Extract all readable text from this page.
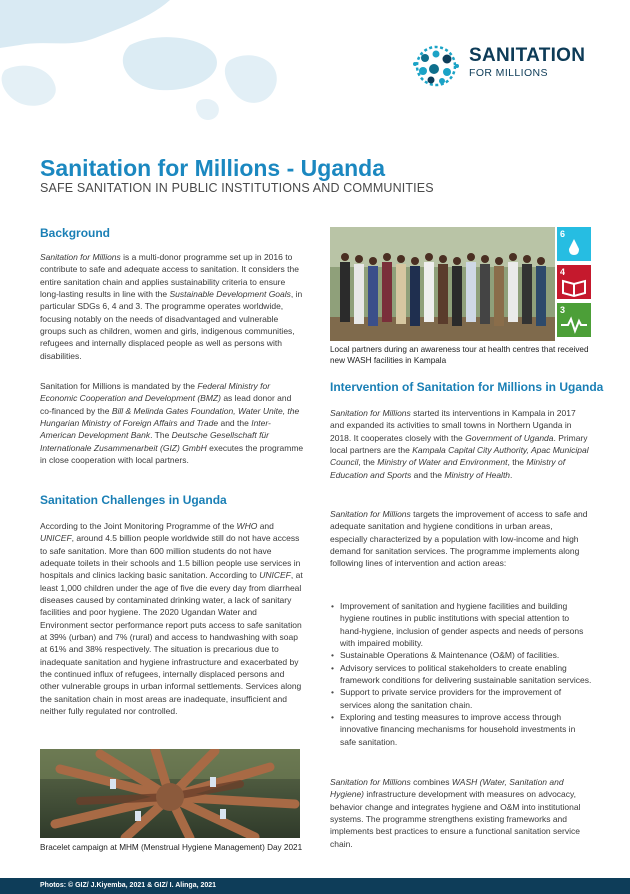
SANITATION
FOR MILLIONS
Sanitation for Millions - Uganda
SAFE SANITATION IN PUBLIC INSTITUTIONS AND COMMUNITIES
Background

Sanitation for Millions is a multi-donor programme set up in 2016 to contribute to safe and adequate access to sanitation. It considers the entire sanitation chain and applies sustainability criteria to ensure long-lasting results in line with the Sustainable Development Goals, in particular SDGs 6, 4 and 3. The programme operates worldwide, focusing notably on the needs of disadvantaged and vulnerable groups such as children, women and girls, indigenous communities, refugees and internally displaced people as well as persons with disabilities.

Sanitation for Millions is mandated by the Federal Ministry for Economic Cooperation and Development (BMZ) as lead donor and co-financed by the Bill & Melinda Gates Foundation, Water Unite, the Hungarian Ministry of Foreign Affairs and Trade and the Inter-American Development Bank. The Deutsche Gesellschaft für Internationale Zusammenarbeit (GIZ) GmbH executes the programme in close cooperation with local partners.

Sanitation Challenges in Uganda

According to the Joint Monitoring Programme of the WHO and UNICEF, around 4.5 billion people worldwide still do not have access to safe sanitation. More than 600 million students do not have adequate toilets in their schools and 1.5 billion people use services in hospitals and clinics lacking basic sanitation. According to UNICEF, at least 1,000 children under the age of five die every day from diarrheal diseases caused by contaminated drinking water, a lack of sanitary facilities and poor hygiene. The 2020 Ugandan Water and Environment sector performance report puts access to safe sanitation at 39% (urban) and 7% (rural) and access to handwashing with soap at 61% and 38% respectively. The situation is precarious due to inadequate sanitation and hygiene infrastructure and exacerbated by the continued influx of refugees, internally displaced persons and other vulnerable groups in urban informal settlements. Services along the sanitation chain in most areas are inadequate, insufficient and neither fully regulated nor controlled.

Bracelet campaign at MHM (Menstrual Hygiene Management) Day 2021
6
4
3
Local partners during an awareness tour at health centres that received new WASH facilities in Kampala
Intervention of Sanitation for Millions in Uganda

Sanitation for Millions started its interventions in Kampala in 2017 and expanded its activities to small towns in Northern Uganda in 2018. It cooperates closely with the Government of Uganda. Primary local partners are the Kampala Capital City Authority, Apac Municipal Council, the Ministry of Water and Environment, the Ministry of Education and Sports and the Ministry of Health.

Sanitation for Millions targets the improvement of access to safe and adequate sanitation and hygiene conditions in urban areas, especially characterized by a population with low-income and high demand for sanitation services. The programme implements along following lines of intervention and action areas:

• Improvement of sanitation and hygiene facilities and building hygiene routines in public institutions with special attention to hand-hygiene, inclusion of gender aspects and needs of persons with impaired mobility.
• Sustainable Operations & Maintenance (O&M) of facilities.
• Advisory services to political stakeholders to create enabling framework conditions for delivering sustainable sanitation services.
• Support to private service providers for the improvement of services along the sanitation chain.
• Exploring and testing measures to improve access through innovative financing mechanisms for household investments in safe sanitation.

Sanitation for Millions combines WASH (Water, Sanitation and Hygiene) infrastructure development with measures on advocacy, behavior change and integrates hygiene and O&M into institutional systems. The programme strengthens existing frameworks and implements best practices to ensure a functional sanitation service chain.

Photos: © GIZ/ J.Kiyemba, 2021 & GIZ/ I. Alinga, 2021
